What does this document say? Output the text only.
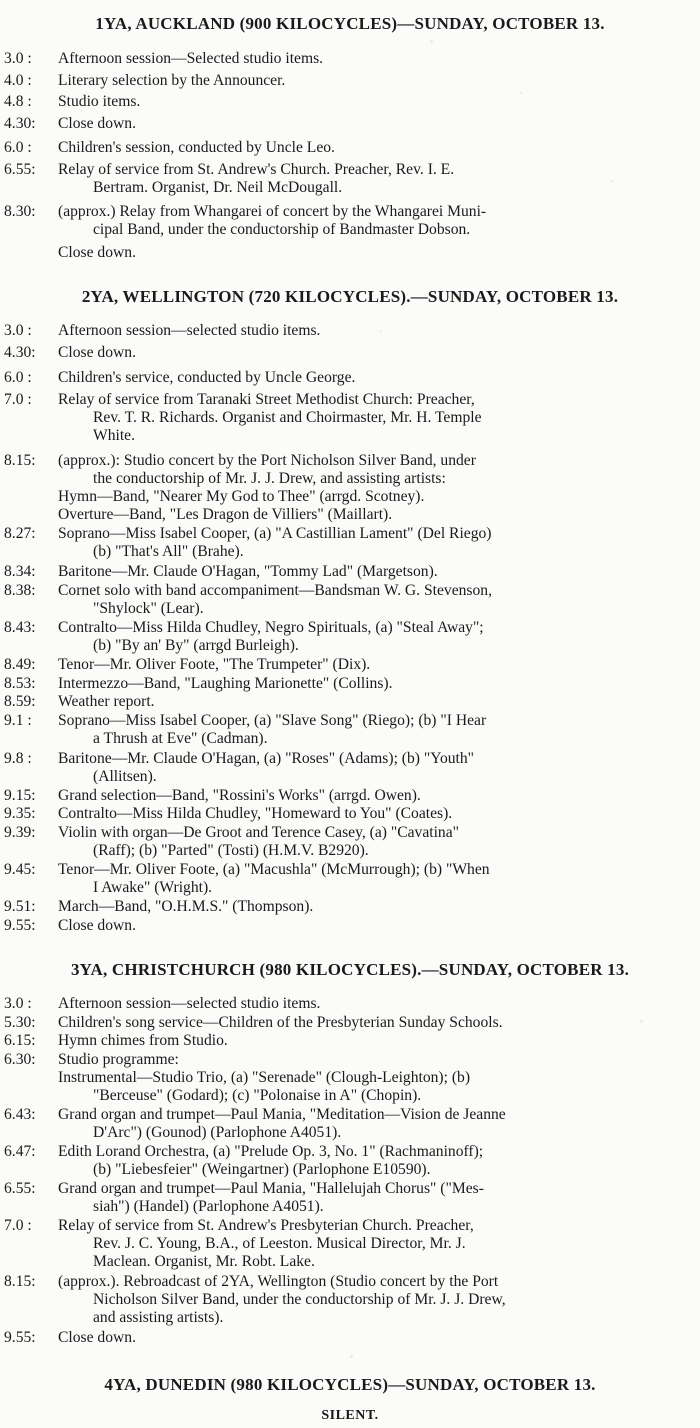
1YA, AUCKLAND (900 KILOCYCLES)—SUNDAY, OCTOBER 13.
3.0 :	Afternoon session—Selected studio items.
4.0 :	Literary selection by the Announcer.
4.8 :	Studio items.
4.30:	Close down.
6.0 :	Children's session, conducted by Uncle Leo.
6.55:	Relay of service from St. Andrew's Church. Preacher, Rev. I. E.
Bertram. Organist, Dr. Neil McDougall.
8.30:	(approx.) Relay from Whangarei of concert by the Whangarei Muni-
cipal Band, under the conductorship of Bandmaster Dobson.
Close down.
2YA, WELLINGTON (720 KILOCYCLES).—SUNDAY, OCTOBER 13.
3.0 :	Afternoon session—selected studio items.
4.30:	Close down.
6.0 :	Children's service, conducted by Uncle George.
7.0 :	Relay of service from Taranaki Street Methodist Church: Preacher,
Rev. T. R. Richards. Organist and Choirmaster, Mr. H. Temple
White.
8.15:	(approx.): Studio concert by the Port Nicholson Silver Band, under
the conductorship of Mr. J. J. Drew, and assisting artists:
Hymn—Band, "Nearer My God to Thee" (arrgd. Scotney).
Overture—Band, "Les Dragon de Villiers" (Maillart).
8.27:	Soprano—Miss Isabel Cooper, (a) "A Castillian Lament" (Del Riego)
(b) "That's All" (Brahe).
8.34:	Baritone—Mr. Claude O'Hagan, "Tommy Lad" (Margetson).
8.38:	Cornet solo with band accompaniment—Bandsman W. G. Stevenson,
"Shylock" (Lear).
8.43:	Contralto—Miss Hilda Chudley, Negro Spirituals, (a) "Steal Away";
(b) "By an' By" (arrgd Burleigh).
8.49:	Tenor—Mr. Oliver Foote, "The Trumpeter" (Dix).
8.53:	Intermezzo—Band, "Laughing Marionette" (Collins).
8.59:	Weather report.
9.1 :	Soprano—Miss Isabel Cooper, (a) "Slave Song" (Riego); (b) "I Hear
a Thrush at Eve" (Cadman).
9.8 :	Baritone—Mr. Claude O'Hagan, (a) "Roses" (Adams); (b) "Youth"
(Allitsen).
9.15:	Grand selection—Band, "Rossini's Works" (arrgd. Owen).
9.35:	Contralto—Miss Hilda Chudley, "Homeward to You" (Coates).
9.39:	Violin with organ—De Groot and Terence Casey, (a) "Cavatina"
(Raff); (b) "Parted" (Tosti) (H.M.V. B2920).
9.45:	Tenor—Mr. Oliver Foote, (a) "Macushla" (McMurrough); (b) "When
I Awake" (Wright).
9.51:	March—Band, "O.H.M.S." (Thompson).
9.55:	Close down.
3YA, CHRISTCHURCH (980 KILOCYCLES).—SUNDAY, OCTOBER 13.
3.0 :	Afternoon session—selected studio items.
5.30:	Children's song service—Children of the Presbyterian Sunday Schools.
6.15:	Hymn chimes from Studio.
6.30:	Studio programme:
Instrumental—Studio Trio, (a) "Serenade" (Clough-Leighton); (b)
"Berceuse" (Godard); (c) "Polonaise in A" (Chopin).
6.43:	Grand organ and trumpet—Paul Mania, "Meditation—Vision de Jeanne
D'Arc") (Gounod) (Parlophone A4051).
6.47:	Edith Lorand Orchestra, (a) "Prelude Op. 3, No. 1" (Rachmaninoff);
(b) "Liebesfeier" (Weingartner) (Parlophone E10590).
6.55:	Grand organ and trumpet—Paul Mania, "Hallelujah Chorus" ("Mes-
siah") (Handel) (Parlophone A4051).
7.0 :	Relay of service from St. Andrew's Presbyterian Church. Preacher,
Rev. J. C. Young, B.A., of Leeston. Musical Director, Mr. J.
Maclean. Organist, Mr. Robt. Lake.
8.15:	(approx.). Rebroadcast of 2YA, Wellington (Studio concert by the Port
Nicholson Silver Band, under the conductorship of Mr. J. J. Drew,
and assisting artists).
9.55:	Close down.
4YA, DUNEDIN (980 KILOCYCLES)—SUNDAY, OCTOBER 13.
SILENT.
